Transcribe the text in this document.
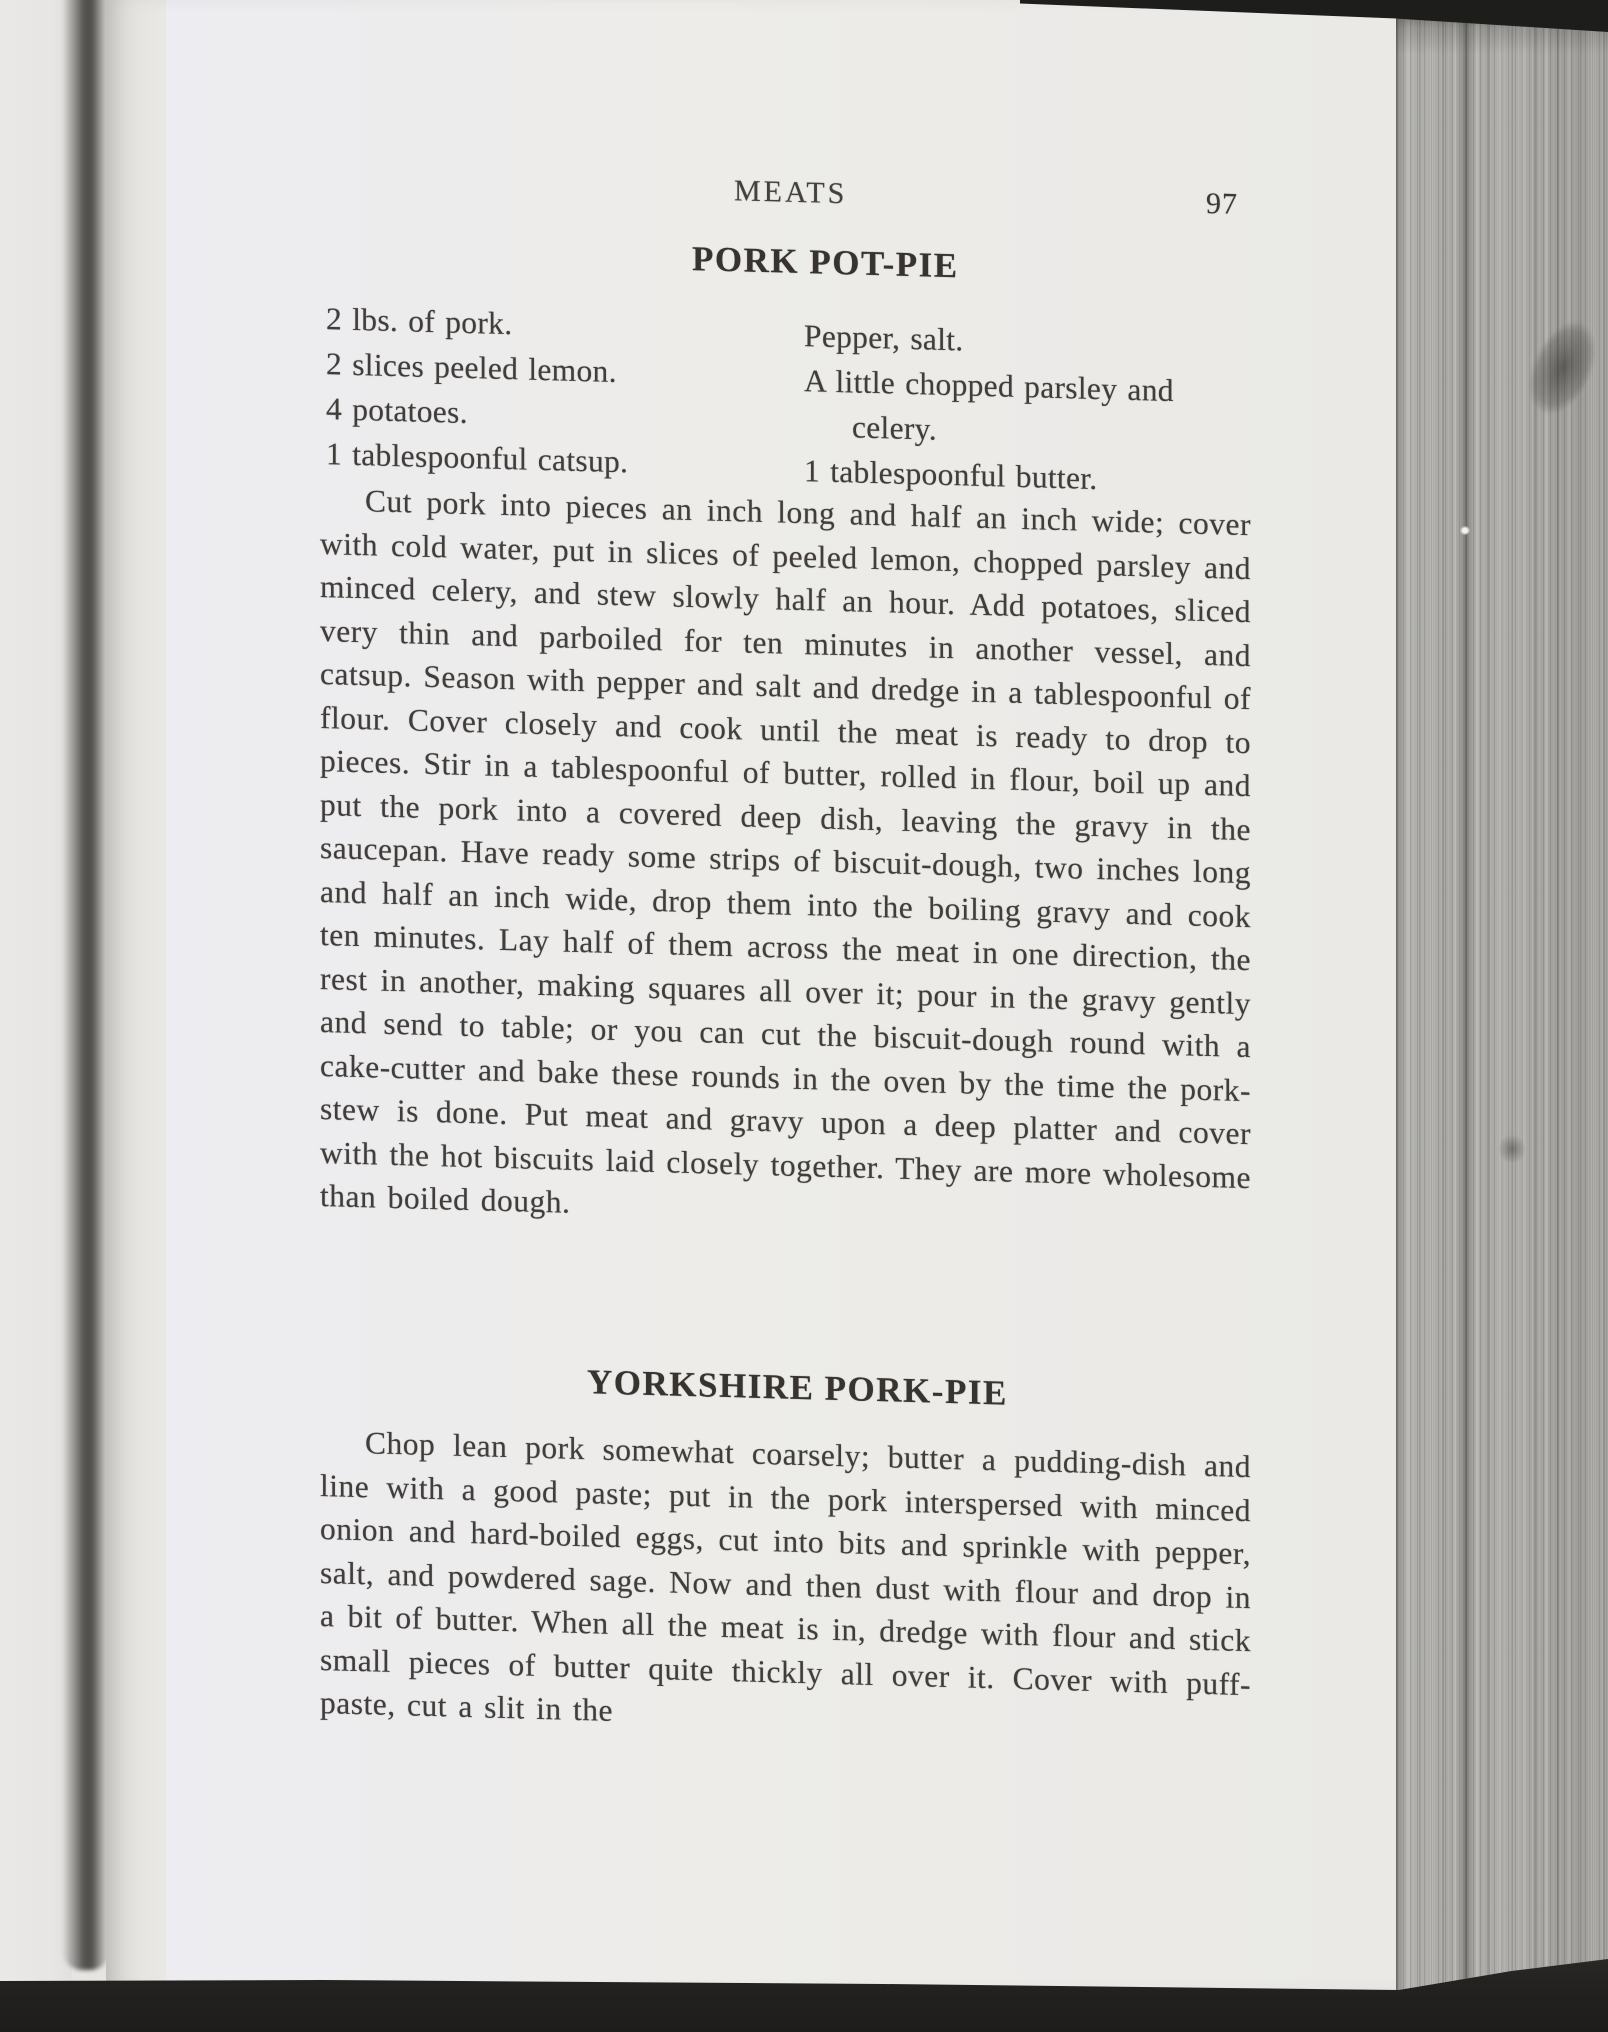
MEATS	97
PORK POT-PIE
2 lbs. of pork.
2 slices peeled lemon.
4 potatoes.
1 tablespoonful catsup.
Pepper, salt.
A little chopped parsley and celery.
1 tablespoonful butter.

Cut pork into pieces an inch long and half an inch wide; cover with cold water, put in slices of peeled lemon, chopped parsley and minced celery, and stew slowly half an hour. Add potatoes, sliced very thin and parboiled for ten minutes in another vessel, and catsup. Season with pepper and salt and dredge in a tablespoonful of flour. Cover closely and cook until the meat is ready to drop to pieces. Stir in a tablespoonful of butter, rolled in flour, boil up and put the pork into a covered deep dish, leaving the gravy in the saucepan. Have ready some strips of biscuit-dough, two inches long and half an inch wide, drop them into the boiling gravy and cook ten minutes. Lay half of them across the meat in one direction, the rest in another, making squares all over it; pour in the gravy gently and send to table; or you can cut the biscuit-dough round with a cake-cutter and bake these rounds in the oven by the time the pork-stew is done. Put meat and gravy upon a deep platter and cover with the hot biscuits laid closely together. They are more wholesome than boiled dough.

YORKSHIRE PORK-PIE

Chop lean pork somewhat coarsely; butter a pudding-dish and line with a good paste; put in the pork interspersed with minced onion and hard-boiled eggs, cut into bits and sprinkle with pepper, salt, and powdered sage. Now and then dust with flour and drop in a bit of butter. When all the meat is in, dredge with flour and stick small pieces of butter quite thickly all over it. Cover with puff-paste, cut a slit in the
